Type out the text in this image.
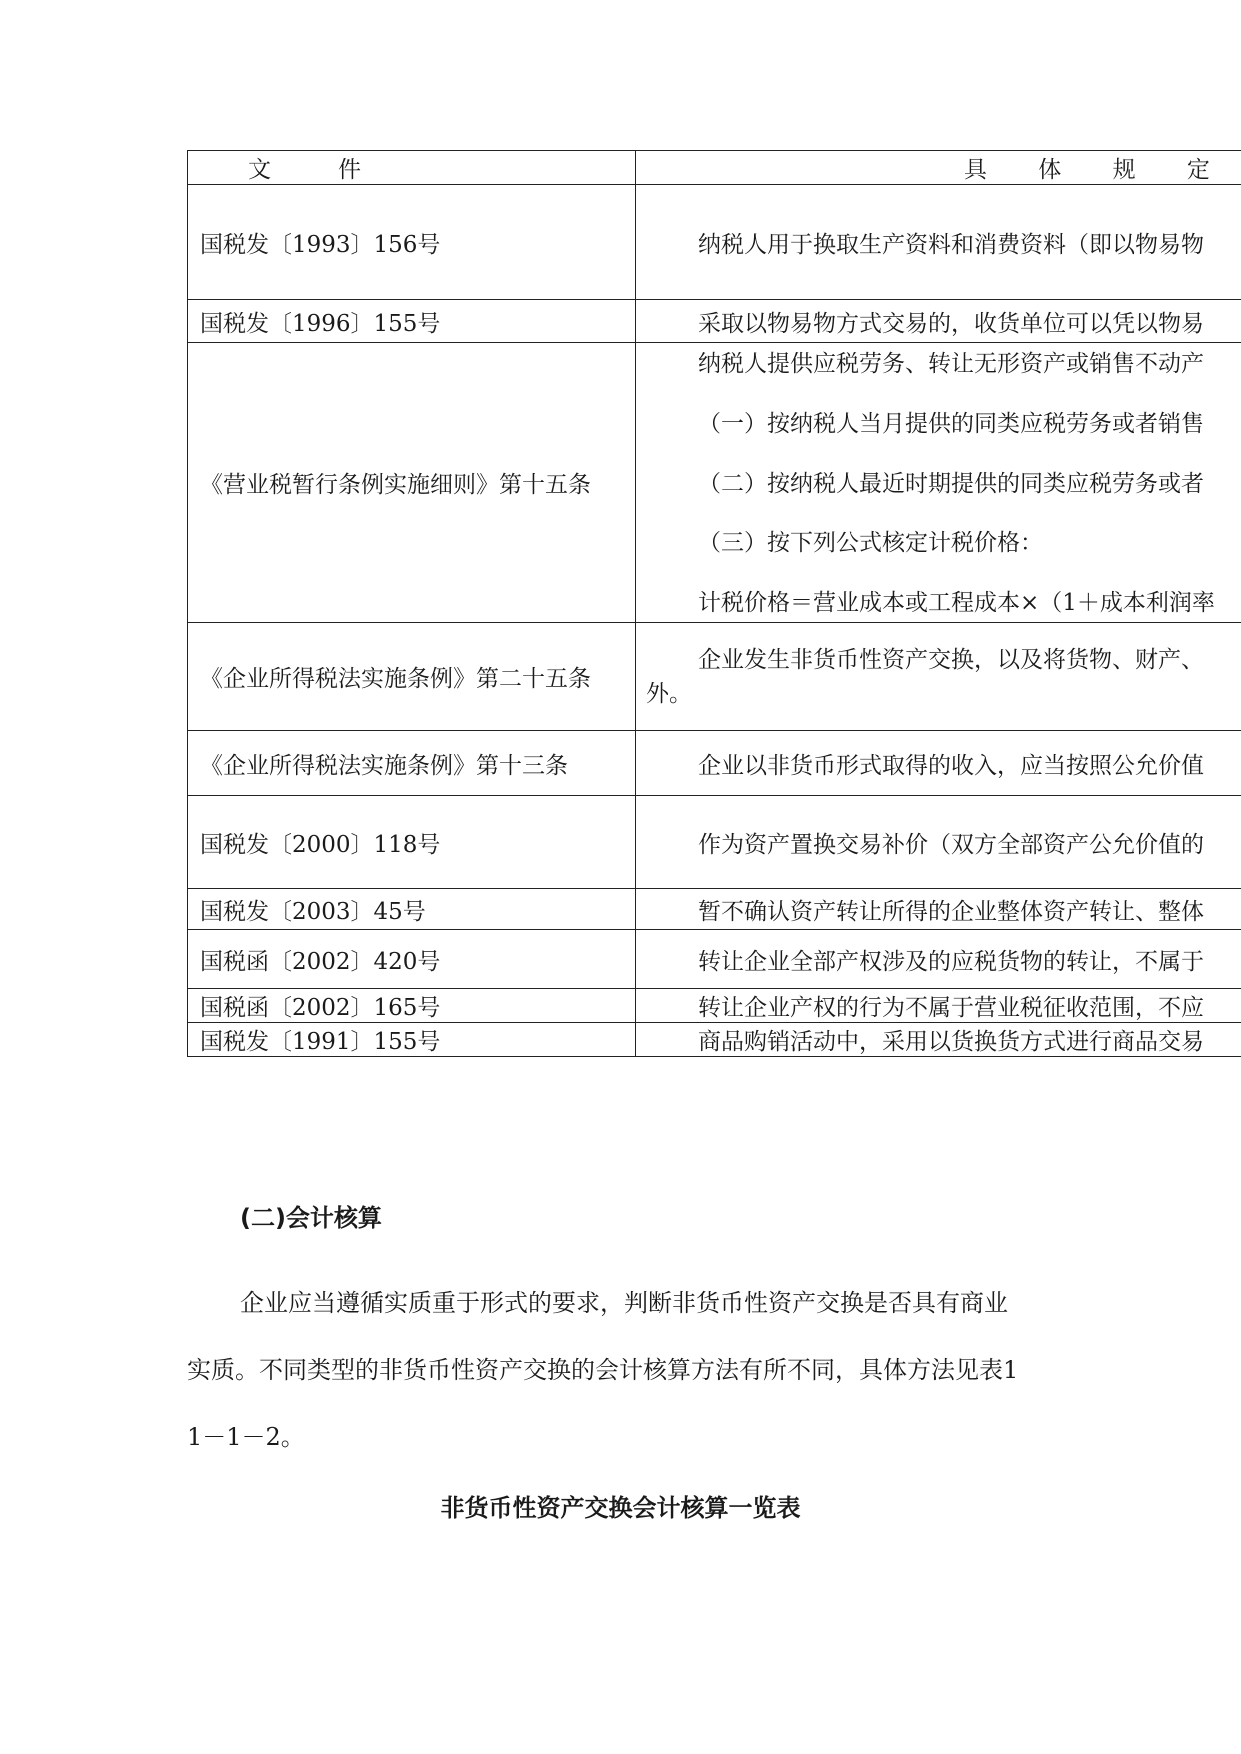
文　件	具 体 规 定
国税发〔1993〕156号	纳税人用于换取生产资料和消费资料（即以物易物
国税发〔1996〕155号	采取以物易物方式交易的，收货单位可以凭以物易
《营业税暂行条例实施细则》第十五条	纳税人提供应税劳务、转让无形资产或销售不动产
（一）按纳税人当月提供的同类应税劳务或者销售
（二）按纳税人最近时期提供的同类应税劳务或者
（三）按下列公式核定计税价格：
计税价格＝营业成本或工程成本×（1＋成本利润率

《企业所得税法实施条例》第二十五条	企业发生非货币性资产交换，以及将货物、财产、
外。

《企业所得税法实施条例》第十三条	企业以非货币形式取得的收入，应当按照公允价值
国税发〔2000〕118号	作为资产置换交易补价（双方全部资产公允价值的
国税发〔2003〕45号	暂不确认资产转让所得的企业整体资产转让、整体
国税函〔2002〕420号	转让企业全部产权涉及的应税货物的转让，不属于
国税函〔2002〕165号	转让企业产权的行为不属于营业税征收范围，不应
国税发〔1991〕155号	商品购销活动中，采用以货换货方式进行商品交易
(二)会计核算
企业应当遵循实质重于形式的要求，判断非货币性资产交换是否具有商业
实质。不同类型的非货币性资产交换的会计核算方法有所不同，具体方法见表1
1－1－2。
非货币性资产交换会计核算一览表
